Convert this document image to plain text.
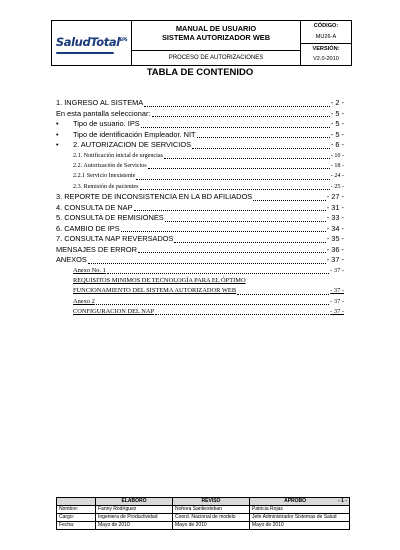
SaludTotal$^{EPS}$
MANUAL DE USUARIO
SISTEMA AUTORIZADOR WEB
PROCESO DE AUTORIZACIONES
CÓDIGO:
MU26-A
VERSIÓN:
V2.0-2010
TABLA DE CONTENIDO
1. INGRESO AL SISTEMA	- 2 -
En esta pantalla seleccionar:	- 5 -
•	Tipo de usuario. IPS	- 5 -
•	Tipo de identificación Empleador. NIT	- 5 -
•	2. AUTORIZACION DE SERVICIOS	- 6 -
2.1. Notificación inicial de urgencias	- 10 -
2.2. Autorización de Servicios	- 18 -
2.2.1 Servicio Inexistente	- 24 -
2.3. Remisión de pacientes	- 25 -
3. REPORTE DE INCONSISTENCIA EN LA BD AFILIADOS	- 27 -
4. CONSULTA DE NAP	- 31 -
5. CONSULTA DE REMISIONES	- 33 -
6. CAMBIO DE IPS	- 34 -
7. CONSULTA NAP REVERSADOS	- 35 -
MENSAJES DE ERROR	- 36 -
ANEXOS	- 37 -
Anexo No. 1	- 37 -
REQUISITOS MINIMOS DE TECNOLOGÍA PARA EL ÓPTIMO
FUNCIONAMIENTO DEL SISTEMA AUTORIZADOR WEB	- 37 -
Anexo 2	- 37 -
CONFIGURACION DEL NAP	- 37 -
	ELABORÓ	REVISÓ	APROBÓ - 1 -

Nombre:	Fanny Rodríguez	Nohora Santiesteban	Patricia Rojas
Cargo:	Ingeniera de Productividad	Coord. Nacional de modelo	Jefe Administrador Sistemas de Salud
Fecha:	Mayo de 2010	Mayo de 2010	Mayo de 2010
